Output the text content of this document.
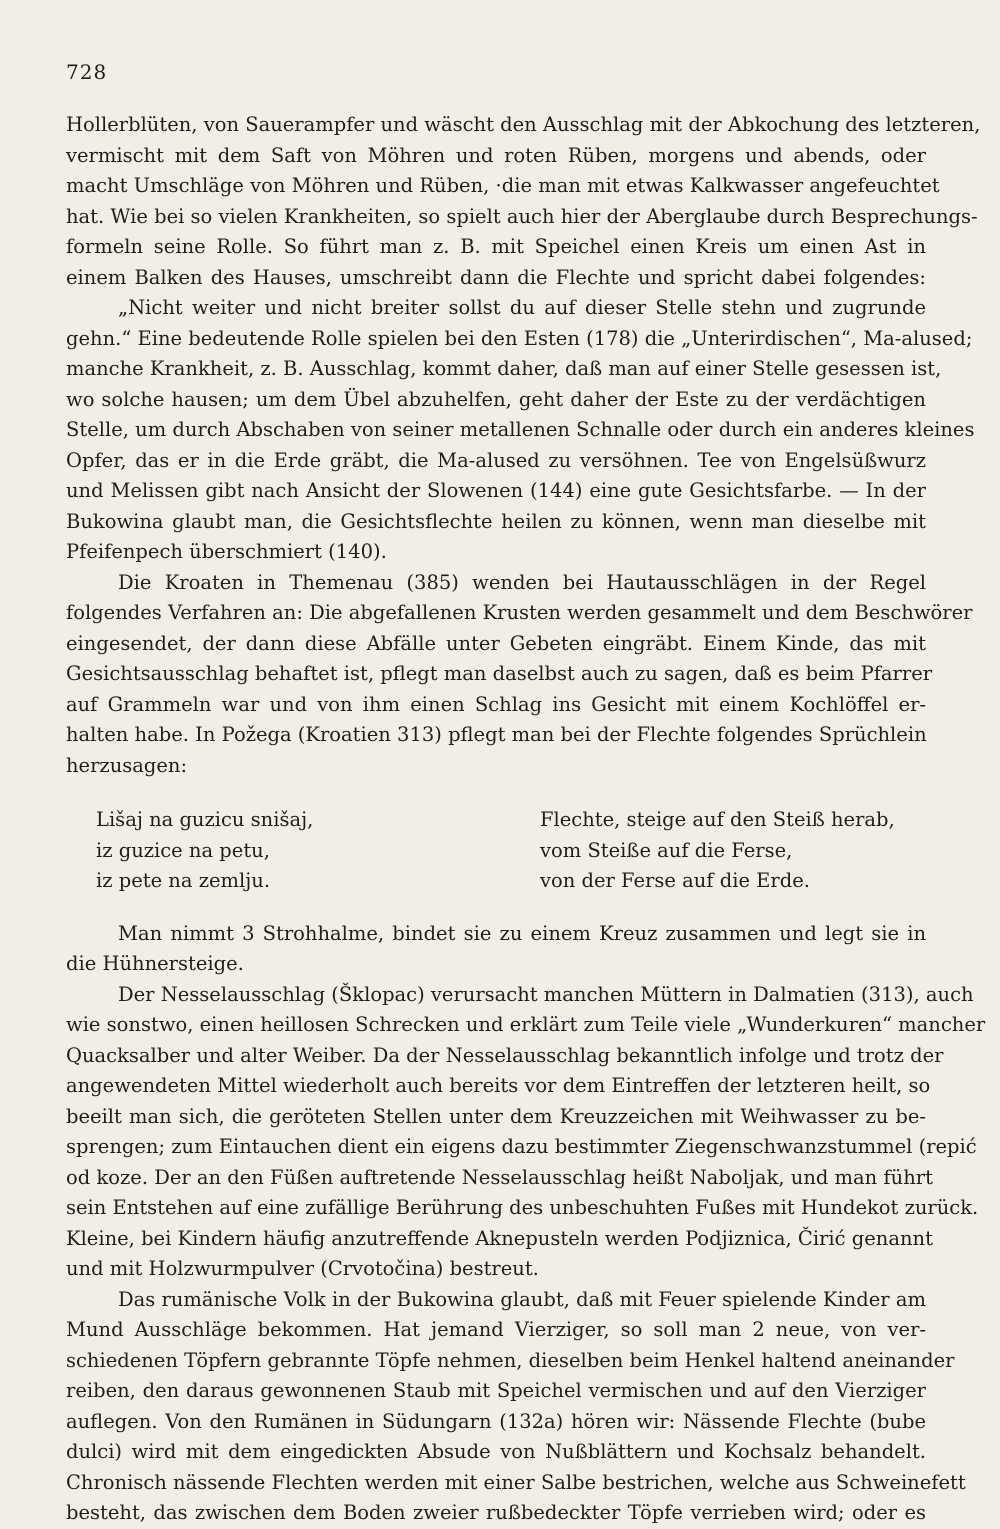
728
Hollerblüten, von Sauerampfer und wäscht den Ausschlag mit der Abkochung des letzteren,
vermischt mit dem Saft von Möhren und roten Rüben, morgens und abends, oder
macht Umschläge von Möhren und Rüben, ·die man mit etwas Kalkwasser angefeuchtet
hat. Wie bei so vielen Krankheiten, so spielt auch hier der Aberglaube durch Besprechungs-
formeln seine Rolle. So führt man z. B. mit Speichel einen Kreis um einen Ast in
einem Balken des Hauses, umschreibt dann die Flechte und spricht dabei folgendes:
„Nicht weiter und nicht breiter sollst du auf dieser Stelle stehn und zugrunde
gehn.“ Eine bedeutende Rolle spielen bei den Esten (178) die „Unterirdischen“, Ma-alused;
manche Krankheit, z. B. Ausschlag, kommt daher, daß man auf einer Stelle gesessen ist,
wo solche hausen; um dem Übel abzuhelfen, geht daher der Este zu der verdächtigen
Stelle, um durch Abschaben von seiner metallenen Schnalle oder durch ein anderes kleines
Opfer, das er in die Erde gräbt, die Ma-alused zu versöhnen. Tee von Engelsüßwurz
und Melissen gibt nach Ansicht der Slowenen (144) eine gute Gesichtsfarbe. — In der
Bukowina glaubt man, die Gesichtsflechte heilen zu können, wenn man dieselbe mit
Pfeifenpech überschmiert (140).
Die Kroaten in Themenau (385) wenden bei Hautausschlägen in der Regel
folgendes Verfahren an: Die abgefallenen Krusten werden gesammelt und dem Beschwörer
eingesendet, der dann diese Abfälle unter Gebeten eingräbt. Einem Kinde, das mit
Gesichtsausschlag behaftet ist, pflegt man daselbst auch zu sagen, daß es beim Pfarrer
auf Grammeln war und von ihm einen Schlag ins Gesicht mit einem Kochlöffel er-
halten habe. In Požega (Kroatien 313) pflegt man bei der Flechte folgendes Sprüchlein
herzusagen:
Lišaj na guzicu snišaj,
iz guzice na petu,
iz pete na zemlju.
Flechte, steige auf den Steiß herab,
vom Steiße auf die Ferse,
von der Ferse auf die Erde.
Man nimmt 3 Strohhalme, bindet sie zu einem Kreuz zusammen und legt sie in
die Hühnersteige.
Der Nesselausschlag (Šklopac) verursacht manchen Müttern in Dalmatien (313), auch
wie sonstwo, einen heillosen Schrecken und erklärt zum Teile viele „Wunderkuren“ mancher
Quacksalber und alter Weiber. Da der Nesselausschlag bekanntlich infolge und trotz der
angewendeten Mittel wiederholt auch bereits vor dem Eintreffen der letzteren heilt, so
beeilt man sich, die geröteten Stellen unter dem Kreuzzeichen mit Weihwasser zu be-
sprengen; zum Eintauchen dient ein eigens dazu bestimmter Ziegenschwanzstummel (repić
od koze. Der an den Füßen auftretende Nesselausschlag heißt Naboljak, und man führt
sein Entstehen auf eine zufällige Berührung des unbeschuhten Fußes mit Hundekot zurück.
Kleine, bei Kindern häufig anzutreffende Aknepusteln werden Podjiznica, Čirić genannt
und mit Holzwurmpulver (Crvotočina) bestreut.
Das rumänische Volk in der Bukowina glaubt, daß mit Feuer spielende Kinder am
Mund Ausschläge bekommen. Hat jemand Vierziger, so soll man 2 neue, von ver-
schiedenen Töpfern gebrannte Töpfe nehmen, dieselben beim Henkel haltend aneinander
reiben, den daraus gewonnenen Staub mit Speichel vermischen und auf den Vierziger
auflegen. Von den Rumänen in Südungarn (132a) hören wir: Nässende Flechte (bube
dulci) wird mit dem eingedickten Absude von Nußblättern und Kochsalz behandelt.
Chronisch nässende Flechten werden mit einer Salbe bestrichen, welche aus Schweinefett
besteht, das zwischen dem Boden zweier rußbedeckter Töpfe verrieben wird; oder es
